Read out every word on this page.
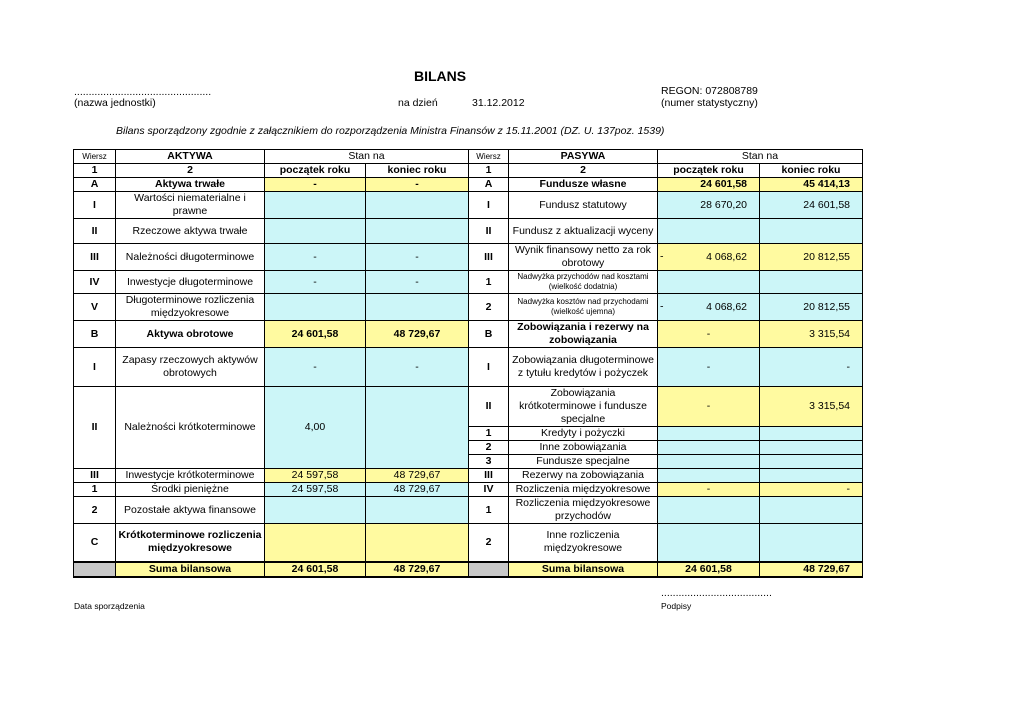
BILANS
...............................................
(nazwa jednostki)	na dzień	31.12.2012
REGON: 072808789
(numer statystyczny)
Bilans sporządzony zgodnie z załącznikiem do rozporządzenia Ministra Finansów z 15.11.2001 (DZ. U. 137poz. 1539)
Wiersz	AKTYWA	Stan na		Wiersz	PASYWA	Stan na	
1	2	początek roku	koniec roku	1	2	początek roku	koniec roku
A	Aktywa trwałe	-	-	A	Fundusze własne	24 601,58	45 414,13
I	Wartości niematerialne i prawne			I	Fundusz statutowy	28 670,20	24 601,58
II	Rzeczowe aktywa trwałe			II	Fundusz z aktualizacji wyceny		
III	Należności długoterminowe	-	-	III	Wynik finansowy netto za rok obrotowy	- 4 068,62	20 812,55
IV	Inwestycje długoterminowe	-	-	1	Nadwyżka przychodów nad kosztami (wielkość dodatnia)		
V	Długoterminowe rozliczenia międzyokresowe			2	Nadwyżka kosztów nad przychodami (wielkość ujemna)	- 4 068,62	20 812,55
B	Aktywa obrotowe	24 601,58	48 729,67	B	Zobowiązania i rezerwy na zobowiązania	-	3 315,54
I	Zapasy rzeczowych aktywów obrotowych	-	-	I	Zobowiązania długoterminowe z tytułu kredytów i pożyczek	-	-
II	Należności krótkoterminowe	4,00		II	Zobowiązania krótkoterminowe i fundusze specjalne	-	3 315,54
				1	Kredyty i pożyczki		
				2	Inne zobowiązania		
				3	Fundusze specjalne		
III	Inwestycje krótkoterminowe	24 597,58	48 729,67	III	Rezerwy na zobowiązania		
1	Środki pieniężne	24 597,58	48 729,67	IV	Rozliczenia międzyokresowe	-	-
2	Pozostałe aktywa finansowe			1	Rozliczenia międzyokresowe przychodów		
C	Krótkoterminowe rozliczenia międzyokresowe			2	Inne rozliczenia międzyokresowe		
	Suma bilansowa	24 601,58	48 729,67		Suma bilansowa	24 601,58	48 729,67
Data sporządzenia
......................................
Podpisy
